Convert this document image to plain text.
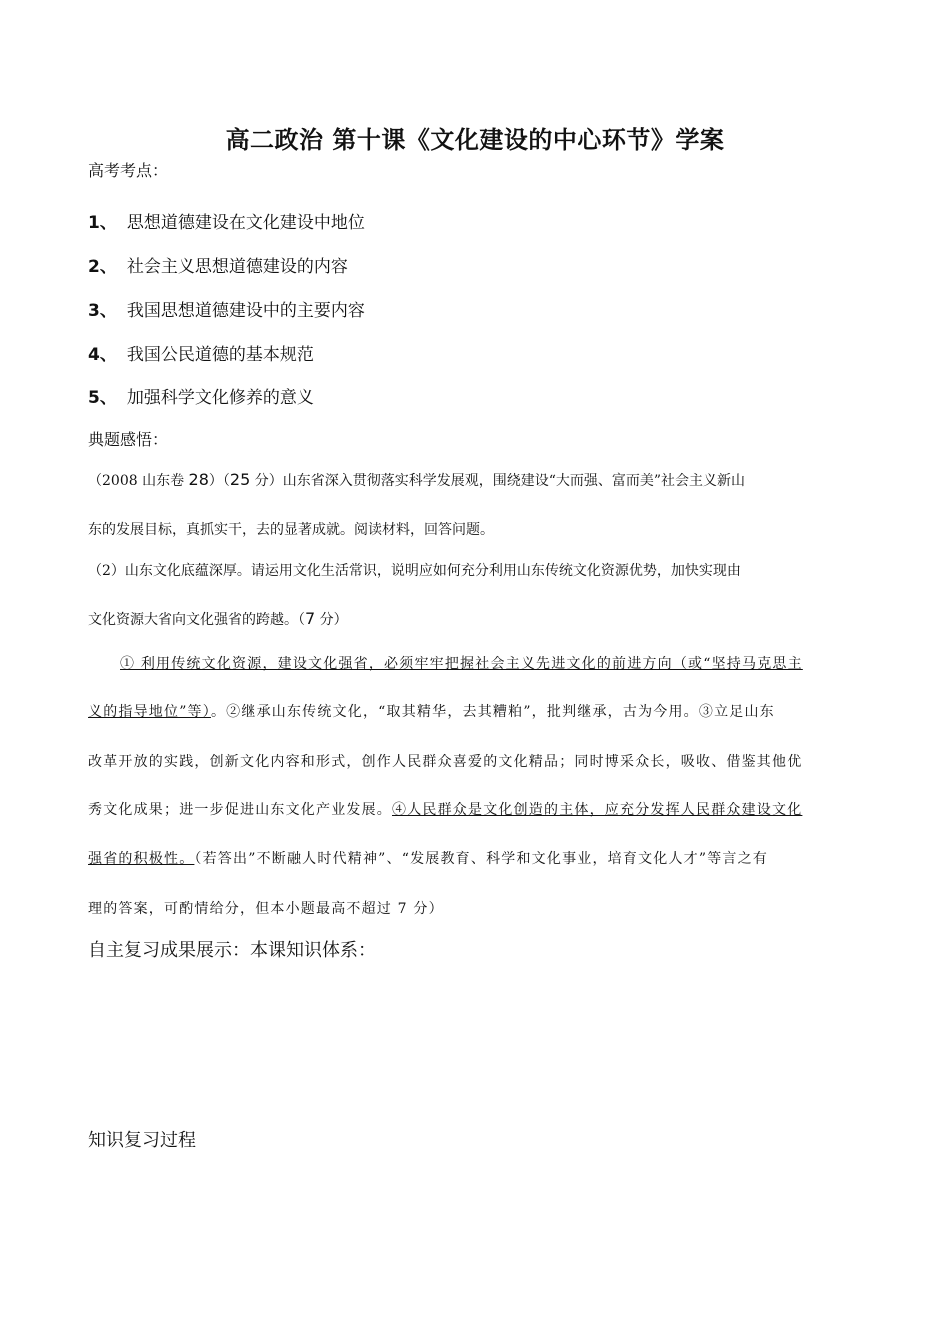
高二政治 第十课《文化建设的中心环节》学案
高考考点：
1、 思想道德建设在文化建设中地位
2、 社会主义思想道德建设的内容
3、 我国思想道德建设中的主要内容
4、 我国公民道德的基本规范
5、 加强科学文化修养的意义
典题感悟：
（2008 山东卷 28）（25 分）山东省深入贯彻落实科学发展观，围绕建设“大而强、富而美”社会主义新山
东的发展目标，真抓实干，去的显著成就。阅读材料，回答问题。
（2）山东文化底蕴深厚。请运用文化生活常识，说明应如何充分利用山东传统文化资源优势，加快实现由
文化资源大省向文化强省的跨越。（7 分）
① 利用传统文化资源，建设文化强省，必须牢牢把握社会主义先进文化的前进方向（或“坚持马克思主
义的指导地位”等）。②继承山东传统文化，“取其精华，去其糟粕”，批判继承，古为今用。③立足山东
改革开放的实践，创新文化内容和形式，创作人民群众喜爱的文化精品；同时博采众长，吸收、借鉴其他优
秀文化成果；进一步促进山东文化产业发展。④人民群众是文化创造的主体，应充分发挥人民群众建设文化
强省的积极性。（若答出”不断融人时代精神”、“发展教育、科学和文化事业，培育文化人才”等言之有
理的答案，可酌情给分，但本小题最高不超过 7 分）
自主复习成果展示：本课知识体系：
知识复习过程
